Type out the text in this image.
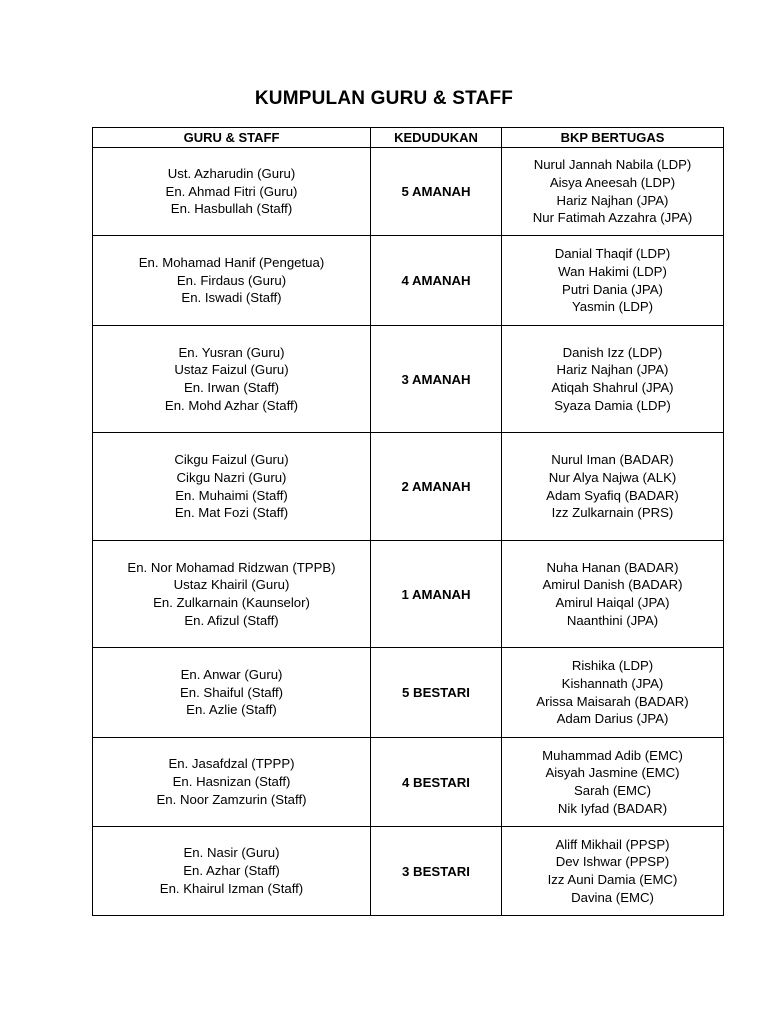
KUMPULAN GURU & STAFF
GURU & STAFF	KEDUDUKAN	BKP BERTUGAS

Ust. Azharudin (Guru)
En. Ahmad Fitri (Guru)
En. Hasbullah (Staff)	5 AMANAH	Nurul Jannah Nabila (LDP)
Aisya Aneesah (LDP)
Hariz Najhan (JPA)
Nur Fatimah Azzahra (JPA)

En. Mohamad Hanif (Pengetua)
En. Firdaus (Guru)
En. Iswadi (Staff)	4 AMANAH	Danial Thaqif (LDP)
Wan Hakimi (LDP)
Putri Dania (JPA)
Yasmin (LDP)

En. Yusran (Guru)
Ustaz Faizul (Guru)
En. Irwan (Staff)
En. Mohd Azhar (Staff)	3 AMANAH	Danish Izz (LDP)
Hariz Najhan (JPA)
Atiqah Shahrul (JPA)
Syaza Damia (LDP)

Cikgu Faizul (Guru)
Cikgu Nazri (Guru)
En. Muhaimi (Staff)
En. Mat Fozi (Staff)	2 AMANAH	Nurul Iman (BADAR)
Nur Alya Najwa (ALK)
Adam Syafiq (BADAR)
Izz Zulkarnain (PRS)

En. Nor Mohamad Ridzwan (TPPB)
Ustaz Khairil (Guru)
En. Zulkarnain (Kaunselor)
En. Afizul (Staff)	1 AMANAH	Nuha Hanan (BADAR)
Amirul Danish (BADAR)
Amirul Haiqal (JPA)
Naanthini (JPA)

En. Anwar (Guru)
En. Shaiful (Staff)
En. Azlie (Staff)	5 BESTARI	Rishika (LDP)
Kishannath (JPA)
Arissa Maisarah (BADAR)
Adam Darius (JPA)

En. Jasafdzal (TPPP)
En. Hasnizan (Staff)
En. Noor Zamzurin (Staff)	4 BESTARI	Muhammad Adib (EMC)
Aisyah Jasmine (EMC)
Sarah (EMC)
Nik Iyfad (BADAR)

En. Nasir (Guru)
En. Azhar (Staff)
En. Khairul Izman (Staff)	3 BESTARI	Aliff Mikhail (PPSP)
Dev Ishwar (PPSP)
Izz Auni Damia (EMC)
Davina (EMC)
